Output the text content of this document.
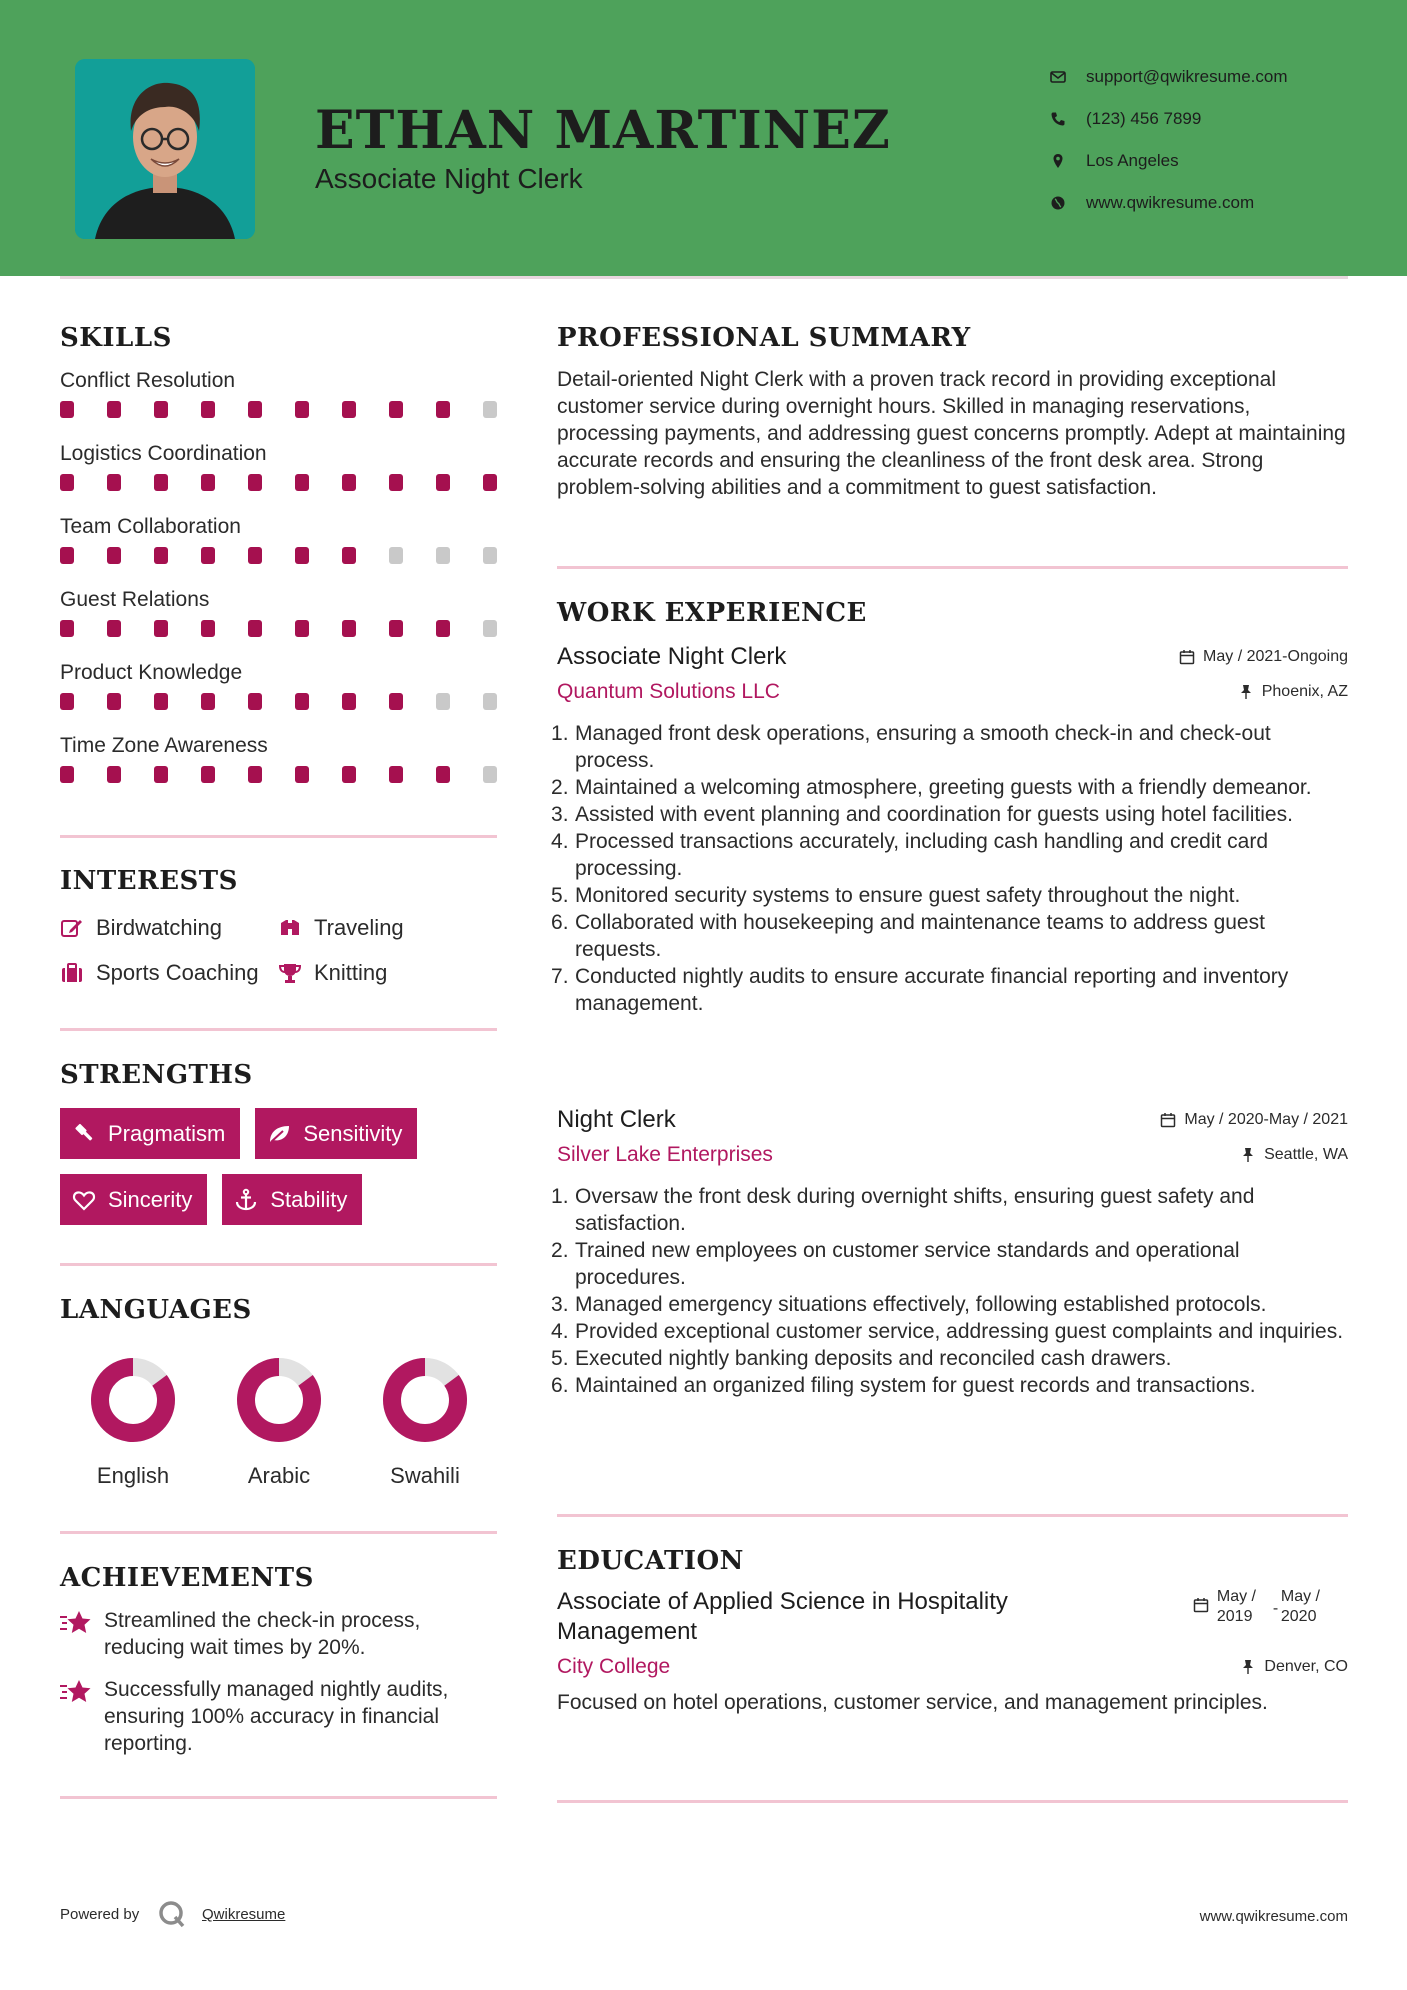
ETHAN MARTINEZ
Associate Night Clerk
support@qwikresume.com
(123) 456 7899
Los Angeles
www.qwikresume.com
SKILLS
Conflict Resolution
Logistics Coordination
Team Collaboration
Guest Relations
Product Knowledge
Time Zone Awareness
INTERESTS
Birdwatching	Traveling
Sports Coaching	Knitting
STRENGTHS
Pragmatism	Sensitivity
Sincerity	Stability
LANGUAGES
English	Arabic	Swahili
ACHIEVEMENTS
Streamlined the check-in process, reducing wait times by 20%.
Successfully managed nightly audits, ensuring 100% accuracy in financial reporting.
PROFESSIONAL SUMMARY
Detail-oriented Night Clerk with a proven track record in providing exceptional customer service during overnight hours. Skilled in managing reservations, processing payments, and addressing guest concerns promptly. Adept at maintaining accurate records and ensuring the cleanliness of the front desk area. Strong problem-solving abilities and a commitment to guest satisfaction.
WORK EXPERIENCE
Associate Night Clerk	May / 2021-Ongoing
Quantum Solutions LLC	Phoenix, AZ
Managed front desk operations, ensuring a smooth check-in and check-out process.
Maintained a welcoming atmosphere, greeting guests with a friendly demeanor.
Assisted with event planning and coordination for guests using hotel facilities.
Processed transactions accurately, including cash handling and credit card processing.
Monitored security systems to ensure guest safety throughout the night.
Collaborated with housekeeping and maintenance teams to address guest requests.
Conducted nightly audits to ensure accurate financial reporting and inventory management.
Night Clerk	May / 2020-May / 2021
Silver Lake Enterprises	Seattle, WA
Oversaw the front desk during overnight shifts, ensuring guest safety and satisfaction.
Trained new employees on customer service standards and operational procedures.
Managed emergency situations effectively, following established protocols.
Provided exceptional customer service, addressing guest complaints and inquiries.
Executed nightly banking deposits and reconciled cash drawers.
Maintained an organized filing system for guest records and transactions.
EDUCATION
Associate of Applied Science in Hospitality Management
May /
2019	-
May /
2020
City College	Denver, CO
Focused on hotel operations, customer service, and management principles.
Powered by	Qwikresume	www.qwikresume.com
